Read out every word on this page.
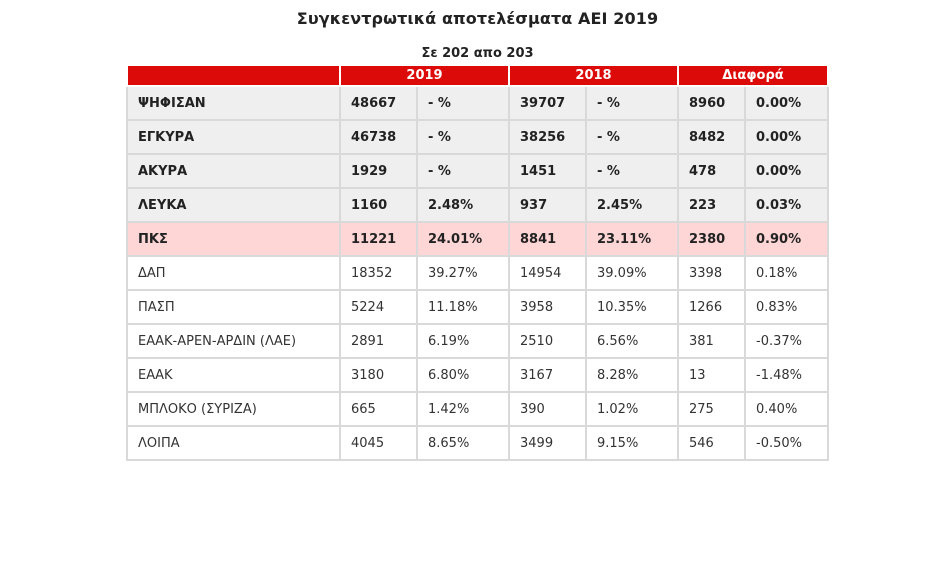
Συγκεντρωτικά αποτελέσματα ΑΕΙ 2019
Σε 202 απο 203
	2019		2018		Διαφορά	
ΨΗΦΙΣΑΝ	48667	- %	39707	- %	8960	0.00%
ΕΓΚΥΡΑ	46738	- %	38256	- %	8482	0.00%
ΑΚΥΡΑ	1929	- %	1451	- %	478	0.00%
ΛΕΥΚΑ	1160	2.48%	937	2.45%	223	0.03%
ΠΚΣ	11221	24.01%	8841	23.11%	2380	0.90%
ΔΑΠ	18352	39.27%	14954	39.09%	3398	0.18%
ΠΑΣΠ	5224	11.18%	3958	10.35%	1266	0.83%
ΕΑΑΚ-ΑΡΕΝ-ΑΡΔΙΝ (ΛΑΕ)	2891	6.19%	2510	6.56%	381	-0.37%
ΕΑΑΚ	3180	6.80%	3167	8.28%	13	-1.48%
ΜΠΛΟΚΟ (ΣΥΡΙΖΑ)	665	1.42%	390	1.02%	275	0.40%
ΛΟΙΠΑ	4045	8.65%	3499	9.15%	546	-0.50%
